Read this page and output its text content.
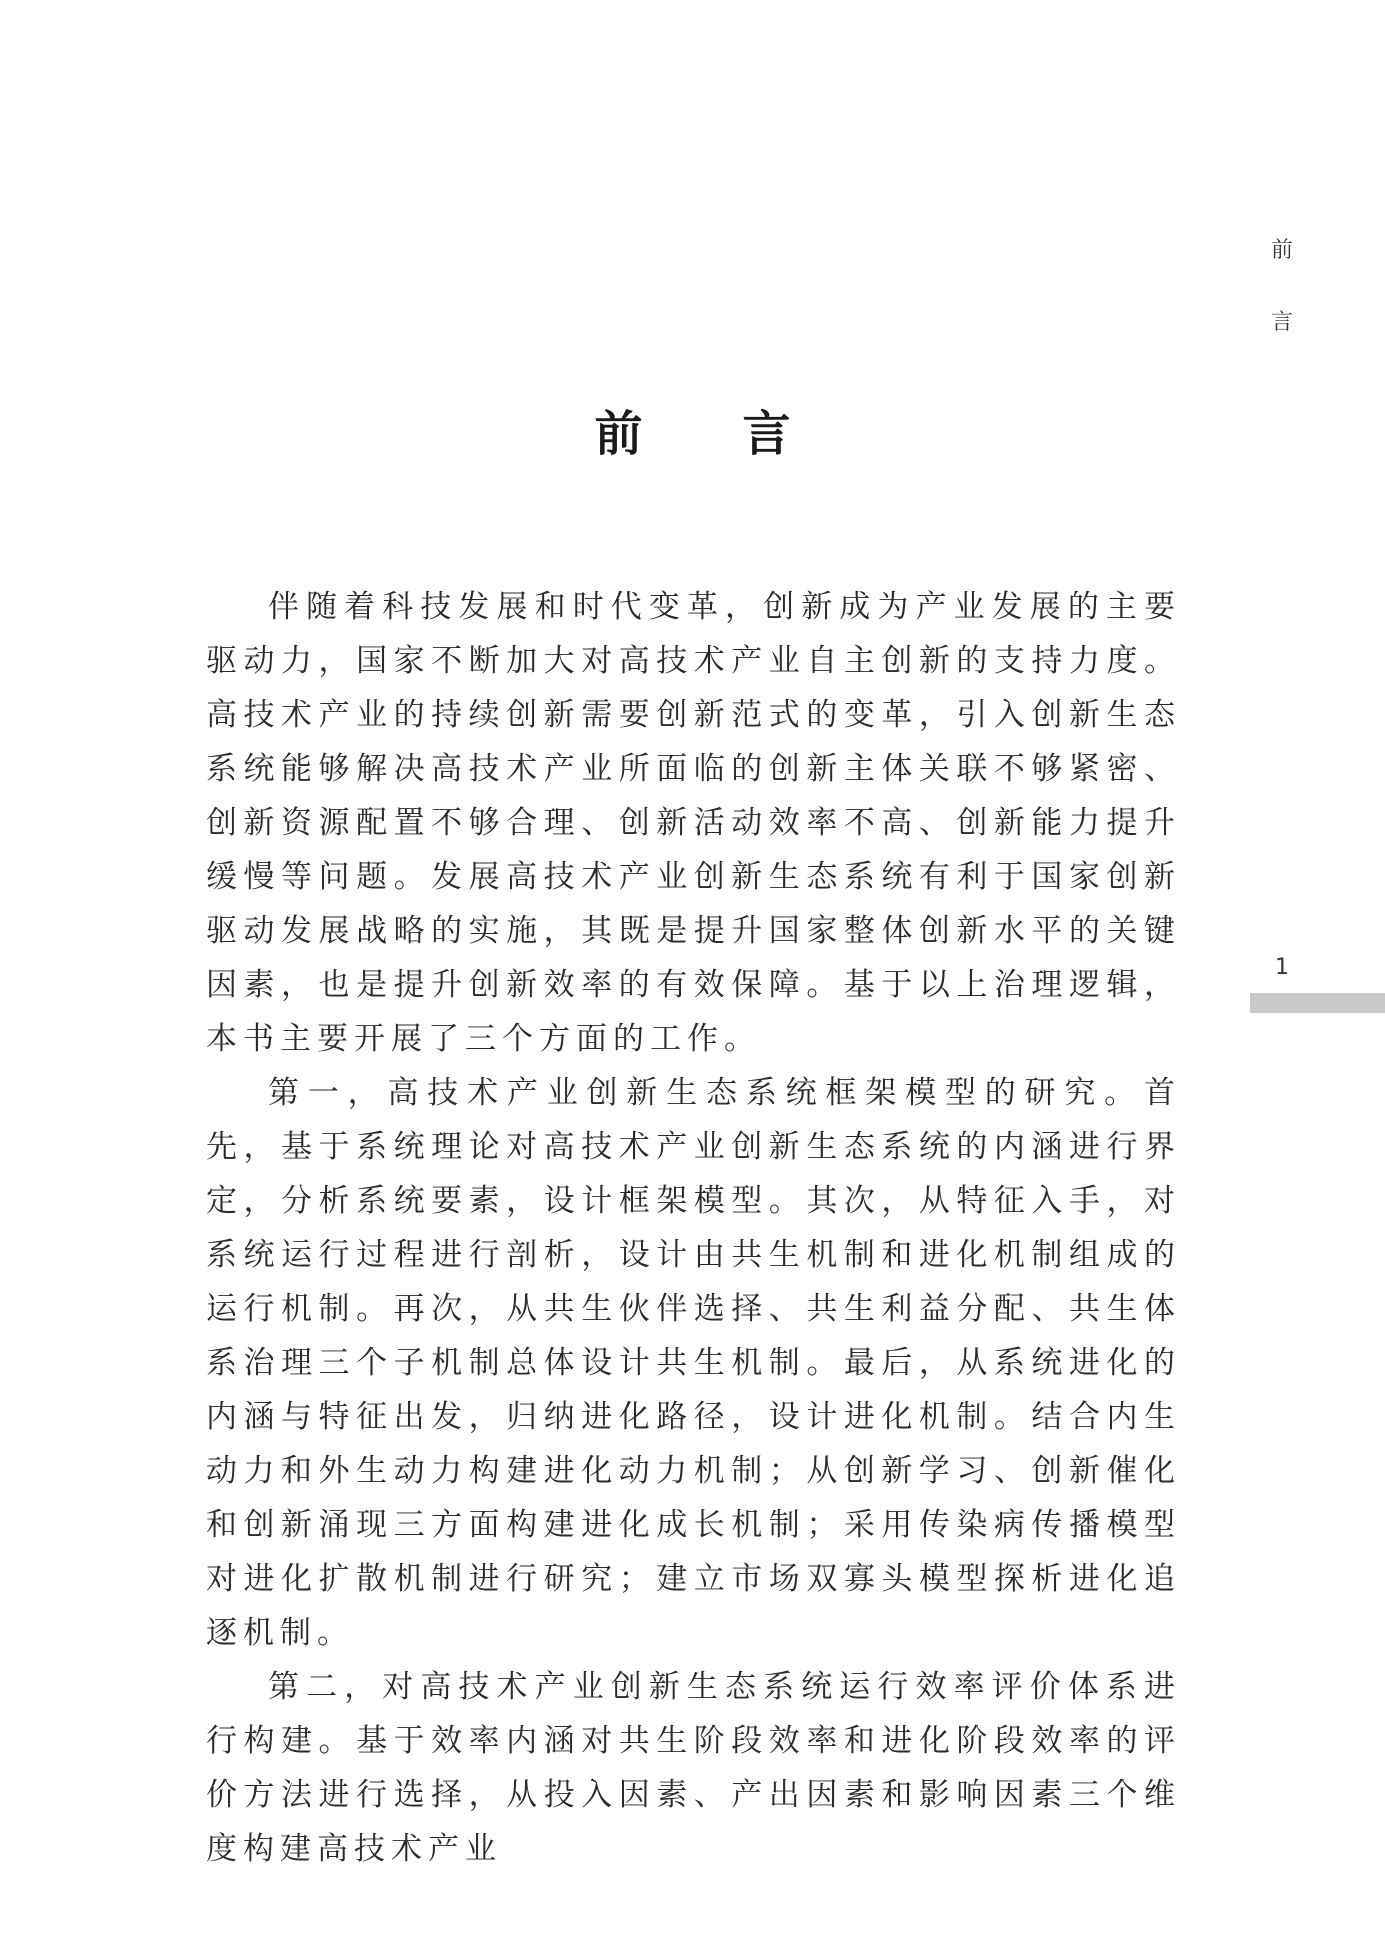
前
言
1
前言

伴随着科技发展和时代变革，创新成为产业发展的主要驱动力，国家不断加大对高技术产业自主创新的支持力度。高技术产业的持续创新需要创新范式的变革，引入创新生态系统能够解决高技术产业所面临的创新主体关联不够紧密、创新资源配置不够合理、创新活动效率不高、创新能力提升缓慢等问题。发展高技术产业创新生态系统有利于国家创新驱动发展战略的实施，其既是提升国家整体创新水平的关键因素，也是提升创新效率的有效保障。基于以上治理逻辑，本书主要开展了三个方面的工作。

第一，高技术产业创新生态系统框架模型的研究。首先，基于系统理论对高技术产业创新生态系统的内涵进行界定，分析系统要素，设计框架模型。其次，从特征入手，对系统运行过程进行剖析，设计由共生机制和进化机制组成的运行机制。再次，从共生伙伴选择、共生利益分配、共生体系治理三个子机制总体设计共生机制。最后，从系统进化的内涵与特征出发，归纳进化路径，设计进化机制。结合内生动力和外生动力构建进化动力机制；从创新学习、创新催化和创新涌现三方面构建进化成长机制；采用传染病传播模型对进化扩散机制进行研究；建立市场双寡头模型探析进化追逐机制。

第二，对高技术产业创新生态系统运行效率评价体系进行构建。基于效率内涵对共生阶段效率和进化阶段效率的评价方法进行选择，从投入因素、产出因素和影响因素三个维度构建高技术产业
